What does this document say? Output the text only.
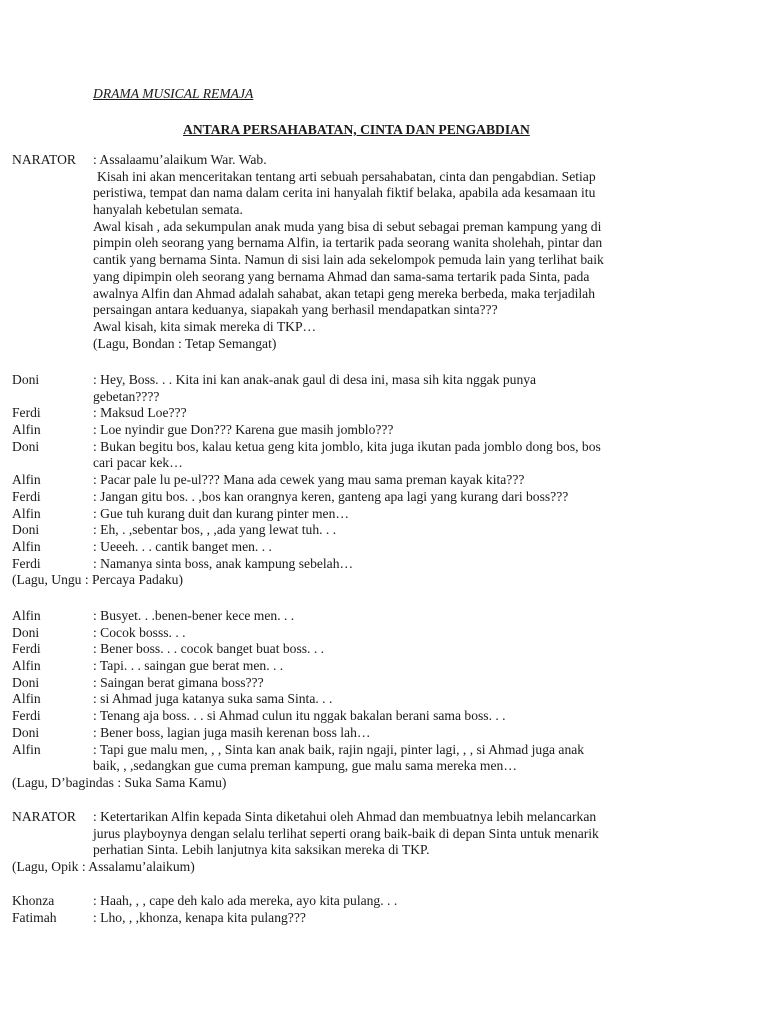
DRAMA MUSICAL REMAJA
ANTARA PERSAHABATAN, CINTA DAN PENGABDIAN
NARATOR	: Assalaamu’alaikum War. Wab.
Kisah ini akan menceritakan tentang arti sebuah persahabatan, cinta dan pengabdian. Setiap
peristiwa, tempat dan nama dalam cerita ini hanyalah fiktif belaka, apabila ada kesamaan itu
hanyalah kebetulan semata.
Awal kisah , ada sekumpulan anak muda yang bisa di sebut sebagai preman kampung yang di
pimpin oleh seorang yang bernama Alfin, ia tertarik pada seorang wanita sholehah, pintar dan
cantik yang bernama Sinta. Namun di sisi lain ada sekelompok pemuda lain yang terlihat baik
yang dipimpin oleh seorang yang bernama Ahmad dan sama-sama tertarik pada Sinta, pada
awalnya Alfin dan Ahmad adalah sahabat, akan tetapi geng mereka berbeda, maka terjadilah
persaingan antara keduanya, siapakah yang berhasil mendapatkan sinta???
Awal kisah, kita simak mereka di TKP…
(Lagu, Bondan : Tetap Semangat)
Doni	: Hey, Boss. . . Kita ini kan anak-anak gaul di desa ini, masa sih kita nggak punya
gebetan????
Ferdi	: Maksud Loe???
Alfin	: Loe nyindir gue Don??? Karena gue masih jomblo???
Doni	: Bukan begitu bos, kalau ketua geng kita jomblo, kita juga ikutan pada jomblo dong bos, bos
cari pacar kek…
Alfin	: Pacar pale lu pe-ul??? Mana ada cewek yang mau sama preman kayak kita???
Ferdi	: Jangan gitu bos. . ,bos kan orangnya keren, ganteng apa lagi yang kurang dari boss???
Alfin	: Gue tuh kurang duit dan kurang pinter men…
Doni	: Eh, . ,sebentar bos, , ,ada yang lewat tuh. . .
Alfin	: Ueeeh. . . cantik banget men. . .
Ferdi	: Namanya sinta boss, anak kampung sebelah…
(Lagu, Ungu : Percaya Padaku)
Alfin	: Busyet. . .benen-bener kece men. . .
Doni	: Cocok bosss. . .
Ferdi	: Bener boss. . . cocok banget buat boss. . .
Alfin	: Tapi. . . saingan gue berat men. . .
Doni	: Saingan berat gimana boss???
Alfin	: si Ahmad juga katanya suka sama Sinta. . .
Ferdi	: Tenang aja boss. . . si Ahmad culun itu nggak bakalan berani sama boss. . .
Doni	: Bener boss, lagian juga masih kerenan boss lah…
Alfin	: Tapi gue malu men, , , Sinta kan anak baik, rajin ngaji, pinter lagi, , , si Ahmad juga anak
baik, , ,sedangkan gue cuma preman kampung, gue malu sama mereka men…
(Lagu, D’bagindas : Suka Sama Kamu)
NARATOR	: Ketertarikan Alfin kepada Sinta diketahui oleh Ahmad dan membuatnya lebih melancarkan
jurus playboynya dengan selalu terlihat seperti orang baik-baik di depan Sinta untuk menarik
perhatian Sinta. Lebih lanjutnya kita saksikan mereka di TKP.
(Lagu, Opik : Assalamu’alaikum)
Khonza	: Haah, , , cape deh kalo ada mereka, ayo kita pulang. . .
Fatimah	: Lho, , ,khonza, kenapa kita pulang???
